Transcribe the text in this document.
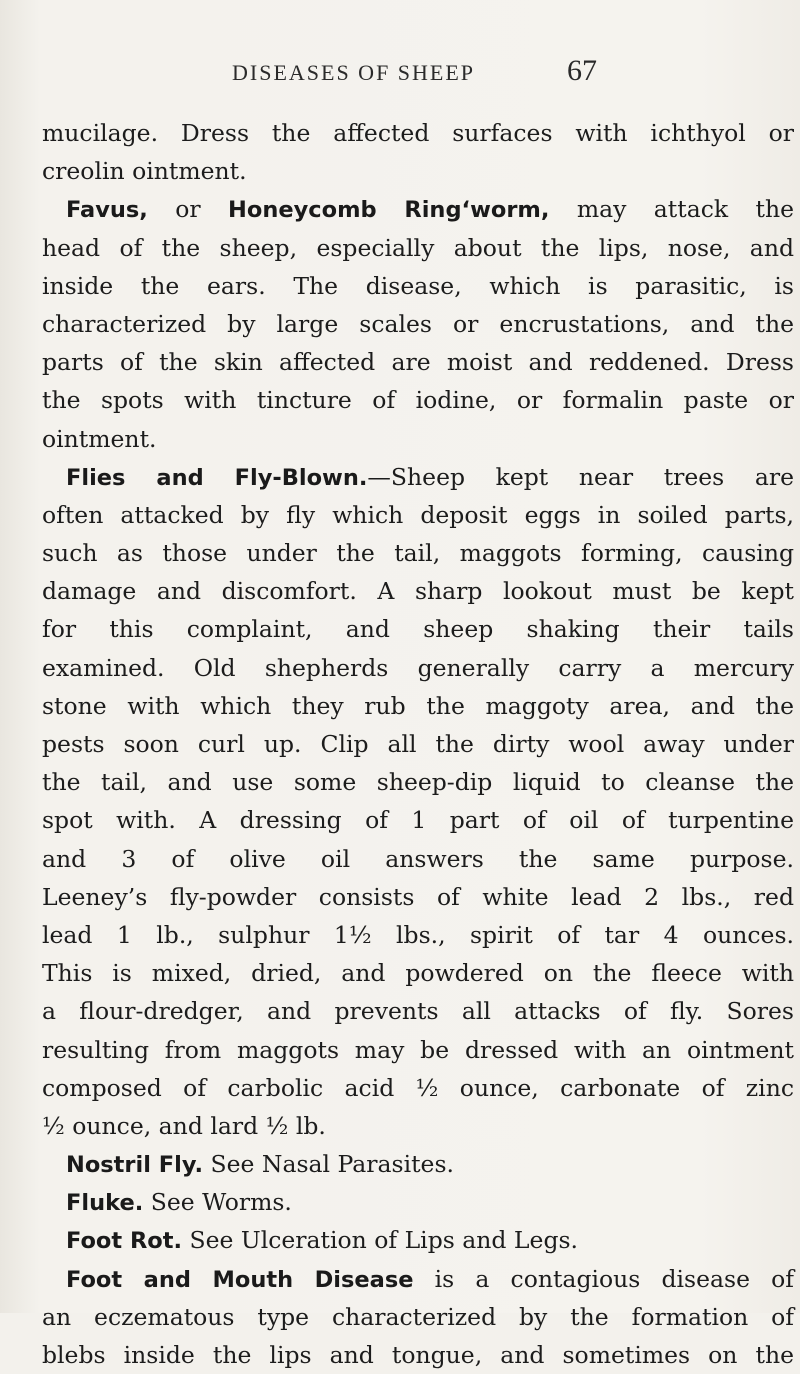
DISEASES OF SHEEP	67
mucilage. Dress the affected surfaces with ichthyol or
creolin ointment.
Favus, or Honeycomb Ring‘worm, may attack the
head of the sheep, especially about the lips, nose, and
inside the ears. The disease, which is parasitic, is
characterized by large scales or encrustations, and the
parts of the skin affected are moist and reddened. Dress
the spots with tincture of iodine, or formalin paste or
ointment.
Flies and Fly-Blown.—Sheep kept near trees are
often attacked by fly which deposit eggs in soiled parts,
such as those under the tail, maggots forming, causing
damage and discomfort. A sharp lookout must be kept
for this complaint, and sheep shaking their tails
examined. Old shepherds generally carry a mercury
stone with which they rub the maggoty area, and the
pests soon curl up. Clip all the dirty wool away under
the tail, and use some sheep-dip liquid to cleanse the
spot with. A dressing of 1 part of oil of turpentine
and 3 of olive oil answers the same purpose.
Leeney’s fly-powder consists of white lead 2 lbs., red
lead 1 lb., sulphur 1½ lbs., spirit of tar 4 ounces.
This is mixed, dried, and powdered on the fleece with
a flour-dredger, and prevents all attacks of fly. Sores
resulting from maggots may be dressed with an ointment
composed of carbolic acid ½ ounce, carbonate of zinc
½ ounce, and lard ½ lb.
Nostril Fly. See Nasal Parasites.
Fluke. See Worms.
Foot Rot. See Ulceration of Lips and Legs.
Foot and Mouth Disease is a contagious disease of
an eczematous type characterized by the formation of
blebs inside the lips and tongue, and sometimes on the
